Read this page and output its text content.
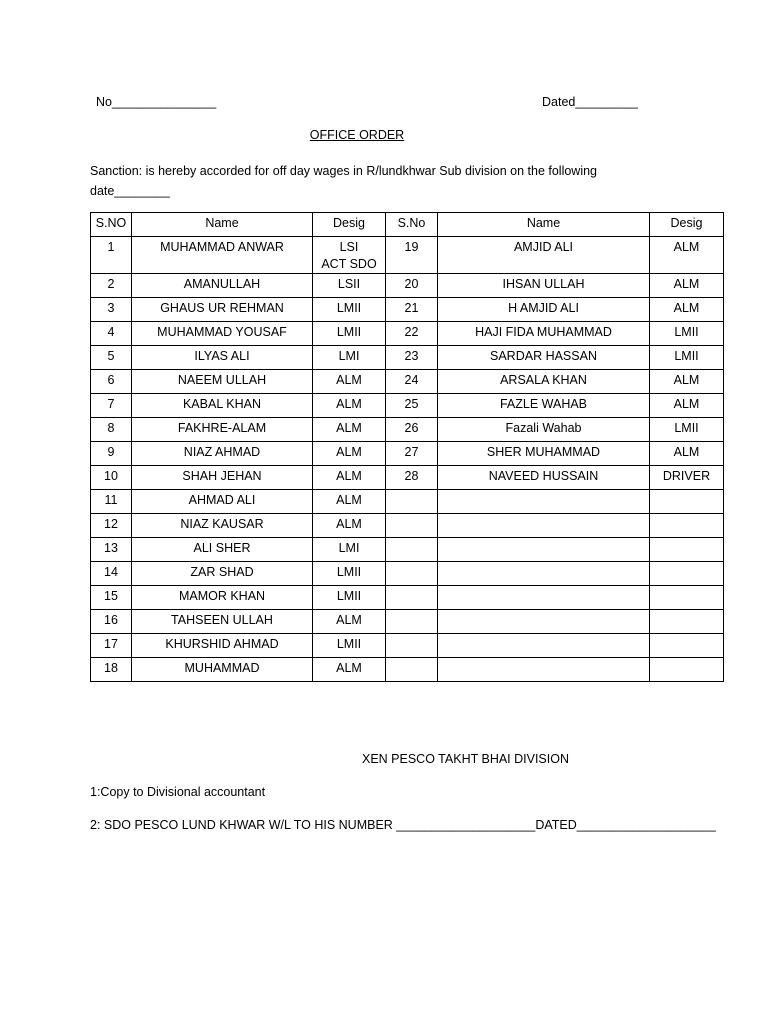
No_______________	Dated_________
OFFICE ORDER
Sanction: is hereby accorded for off day wages in R/lundkhwar Sub division on the following date________
S.NO	Name	Desig	S.No	Name	Desig
1	MUHAMMAD ANWAR	LSI
ACT SDO	19	AMJID ALI	ALM
2	AMANULLAH	LSII	20	IHSAN ULLAH	ALM
3	GHAUS UR REHMAN	LMII	21	H AMJID ALI	ALM
4	MUHAMMAD YOUSAF	LMII	22	HAJI FIDA MUHAMMAD	LMII
5	ILYAS ALI	LMI	23	SARDAR HASSAN	LMII
6	NAEEM ULLAH	ALM	24	ARSALA KHAN	ALM
7	KABAL KHAN	ALM	25	FAZLE WAHAB	ALM
8	FAKHRE-ALAM	ALM	26	Fazali Wahab	LMII
9	NIAZ AHMAD	ALM	27	SHER MUHAMMAD	ALM
10	SHAH JEHAN	ALM	28	NAVEED HUSSAIN	DRIVER
11	AHMAD ALI	ALM			
12	NIAZ KAUSAR	ALM			
13	ALI SHER	LMI			
14	ZAR SHAD	LMII			
15	MAMOR KHAN	LMII			
16	TAHSEEN ULLAH	ALM			
17	KHURSHID AHMAD	LMII			
18	MUHAMMAD	ALM			
XEN PESCO TAKHT BHAI DIVISION
1:Copy to Divisional accountant
2: SDO PESCO LUND KHWAR W/L TO HIS NUMBER ____________________DATED____________________
